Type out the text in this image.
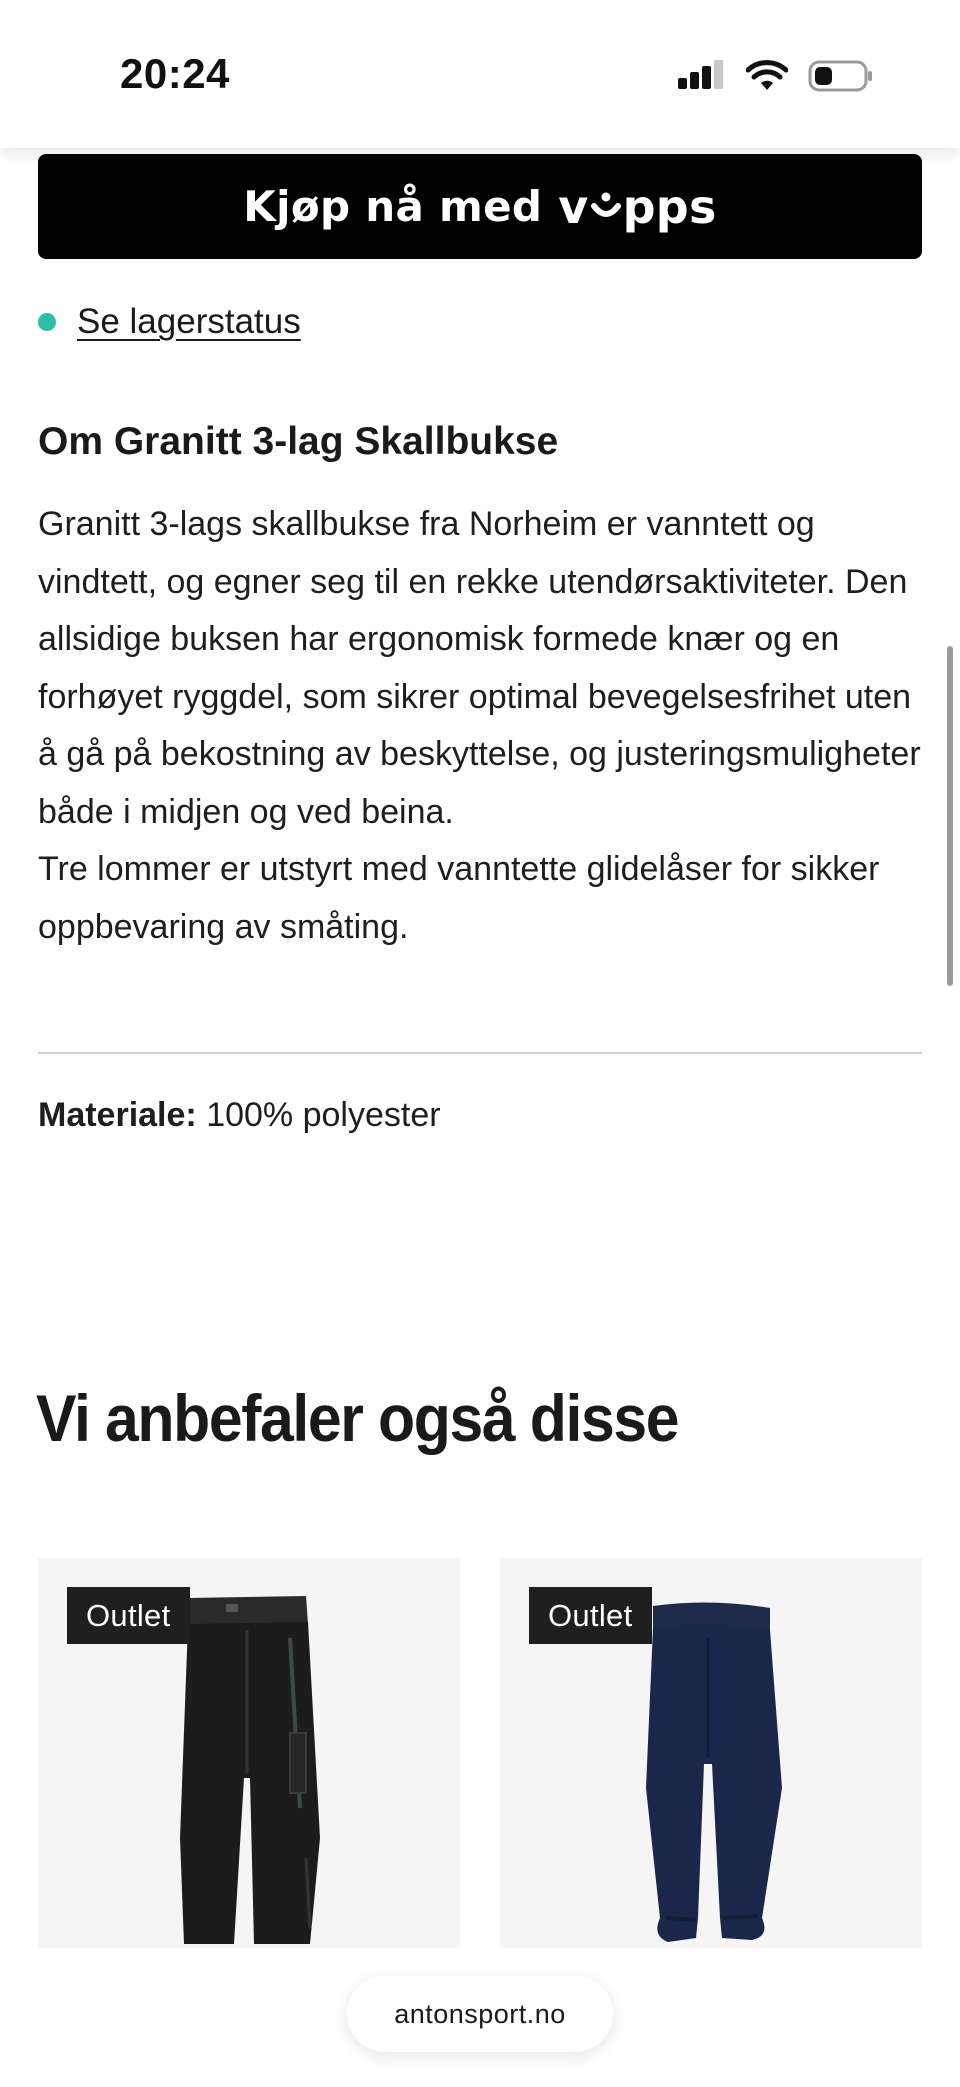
20:24
Kjøp nå med v pps
Se lagerstatus
Om Granitt 3-lag Skallbukse

Granitt 3-lags skallbukse fra Norheim er vanntett og vindtett, og egner seg til en rekke utendørsaktiviteter. Den allsidige buksen har ergonomisk formede knær og en forhøyet ryggdel, som sikrer optimal bevegelsesfrihet uten å gå på bekostning av beskyttelse, og justeringsmuligheter både i midjen og ved beina.

Tre lommer er utstyrt med vanntette glidelåser for sikker oppbevaring av småting.

Materiale: 100% polyester
Vi anbefaler også disse
Outlet	Outlet
antonsport.no
